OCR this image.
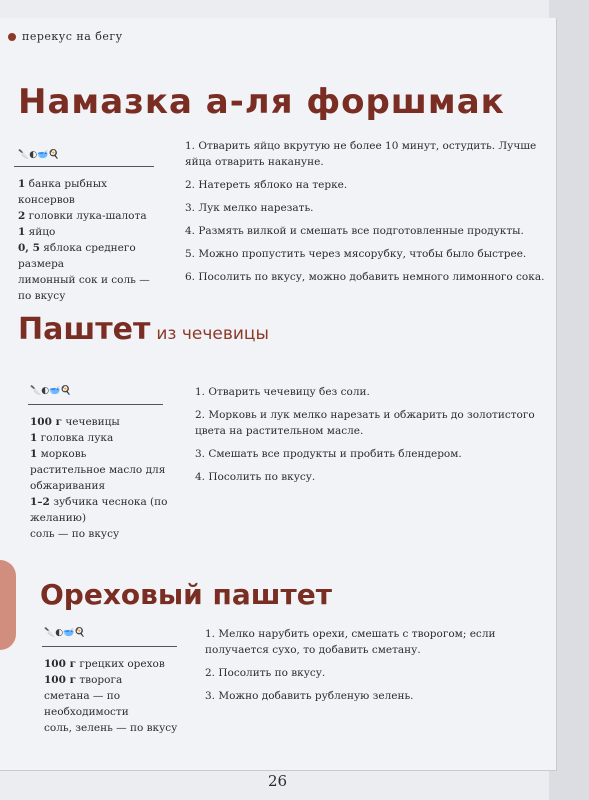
перекус на бегу
Намазка а-ля форшмак
🔪◐🥣🍳
1 банка рыбных консервов
2 головки лука-шалота
1 яйцо
0, 5 яблока среднего размера
лимонный сок и соль — по вкусу
1. Отварить яйцо вкрутую не более 10 минут, остудить. Лучше яйца отварить накануне.
2. Натереть яблоко на терке.
3. Лук мелко нарезать.
4. Размять вилкой и смешать все подготовленные продукты.
5. Можно пропустить через мясорубку, чтобы было быстрее.
6. Посолить по вкусу, можно добавить немного лимонного сока.
Паштет из чечевицы
🔪◐🥣🍳
100 г чечевицы
1 головка лука
1 морковь
растительное масло для обжаривания
1–2 зубчика чеснока (по желанию)
соль — по вкусу
1. Отварить чечевицу без соли.
2. Морковь и лук мелко нарезать и обжарить до золотистого цвета на растительном масле.
3. Смешать все продукты и пробить блендером.
4. Посолить по вкусу.
Ореховый паштет
🔪◐🥣🍳
100 г грецких орехов
100 г творога
сметана — по необходимости
соль, зелень — по вкусу
1. Мелко нарубить орехи, смешать с творогом; если получается сухо, то добавить сметану.
2. Посолить по вкусу.
3. Можно добавить рубленую зелень.
26
